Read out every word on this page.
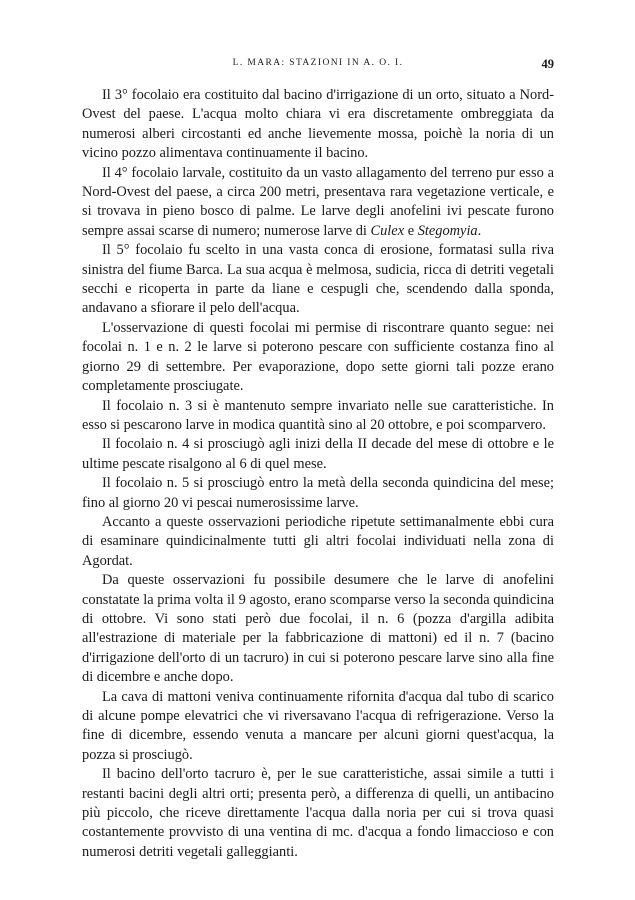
L. MARA: STAZIONI IN A. O. I.	49

Il 3° focolaio era costituito dal bacino d'irrigazione di un orto, situato a Nord-Ovest del paese. L'acqua molto chiara vi era discretamente ombreggiata da numerosi alberi circostanti ed anche lievemente mossa, poichè la noria di un vicino pozzo alimentava continuamente il bacino.

Il 4° focolaio larvale, costituito da un vasto allagamento del terreno pur esso a Nord-Ovest del paese, a circa 200 metri, presentava rara vegetazione verticale, e si trovava in pieno bosco di palme. Le larve degli anofelini ivi pescate furono sempre assai scarse di numero; numerose larve di Culex e Stegomyia.

Il 5° focolaio fu scelto in una vasta conca di erosione, formatasi sulla riva sinistra del fiume Barca. La sua acqua è melmosa, sudicia, ricca di detriti vegetali secchi e ricoperta in parte da liane e cespugli che, scendendo dalla sponda, andavano a sfiorare il pelo dell'acqua.

L'osservazione di questi focolai mi permise di riscontrare quanto segue: nei focolai n. 1 e n. 2 le larve si poterono pescare con sufficiente costanza fino al giorno 29 di settembre. Per evaporazione, dopo sette giorni tali pozze erano completamente prosciugate.

Il focolaio n. 3 si è mantenuto sempre invariato nelle sue caratteristiche. In esso si pescarono larve in modica quantità sino al 20 ottobre, e poi scomparvero.

Il focolaio n. 4 si prosciugò agli inizi della II decade del mese di ottobre e le ultime pescate risalgono al 6 di quel mese.

Il focolaio n. 5 si prosciugò entro la metà della seconda quindicina del mese; fino al giorno 20 vi pescai numerosissime larve.

Accanto a queste osservazioni periodiche ripetute settimanalmente ebbi cura di esaminare quindicinalmente tutti gli altri focolai individuati nella zona di Agordat.

Da queste osservazioni fu possibile desumere che le larve di anofelini constatate la prima volta il 9 agosto, erano scomparse verso la seconda quindicina di ottobre. Vi sono stati però due focolai, il n. 6 (pozza d'argilla adibita all'estrazione di materiale per la fabbricazione di mattoni) ed il n. 7 (bacino d'irrigazione dell'orto di un tacruro) in cui si poterono pescare larve sino alla fine di dicembre e anche dopo.

La cava di mattoni veniva continuamente rifornita d'acqua dal tubo di scarico di alcune pompe elevatrici che vi riversavano l'acqua di refrigerazione. Verso la fine di dicembre, essendo venuta a mancare per alcuni giorni quest'acqua, la pozza si prosciugò.

Il bacino dell'orto tacruro è, per le sue caratteristiche, assai simile a tutti i restanti bacini degli altri orti; presenta però, a differenza di quelli, un antibacino più piccolo, che riceve direttamente l'acqua dalla noria per cui si trova quasi costantemente provvisto di una ventina di mc. d'acqua a fondo limaccioso e con numerosi detriti vegetali galleggianti.
